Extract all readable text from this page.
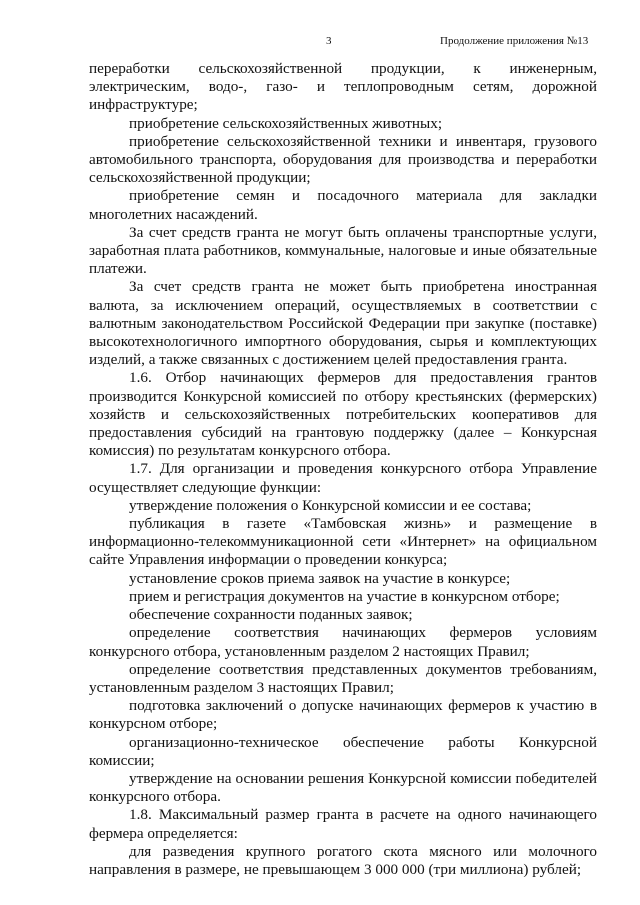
3	Продолжение приложения №13

переработки сельскохозяйственной продукции, к инженерным, электрическим, водо-, газо- и теплопроводным сетям, дорожной инфраструктуре;

приобретение сельскохозяйственных животных;

приобретение сельскохозяйственной техники и инвентаря, грузового автомобильного транспорта, оборудования для производства и переработки сельскохозяйственной продукции;

приобретение семян и посадочного материала для закладки многолетних насаждений.

За счет средств гранта не могут быть оплачены транспортные услуги, заработная плата работников, коммунальные, налоговые и иные обязательные платежи.

За счет средств гранта не может быть приобретена иностранная валюта, за исключением операций, осуществляемых в соответствии с валютным законодательством Российской Федерации при закупке (поставке) высокотехнологичного импортного оборудования, сырья и комплектующих изделий, а также связанных с достижением целей предоставления гранта.

1.6. Отбор начинающих фермеров для предоставления грантов производится Конкурсной комиссией по отбору крестьянских (фермерских) хозяйств и сельскохозяйственных потребительских кооперативов для предоставления субсидий на грантовую поддержку (далее – Конкурсная комиссия) по результатам конкурсного отбора.

1.7. Для организации и проведения конкурсного отбора Управление осуществляет следующие функции:

утверждение положения о Конкурсной комиссии и ее состава;

публикация в газете «Тамбовская жизнь» и размещение в информационно-телекоммуникационной сети «Интернет» на официальном сайте Управления информации о проведении конкурса;

установление сроков приема заявок на участие в конкурсе;

прием и регистрация документов на участие в конкурсном отборе;

обеспечение сохранности поданных заявок;

определение соответствия начинающих фермеров условиям конкурсного отбора, установленным разделом 2 настоящих Правил;

определение соответствия представленных документов требованиям, установленным разделом 3 настоящих Правил;

подготовка заключений о допуске начинающих фермеров к участию в конкурсном отборе;

организационно-техническое обеспечение работы Конкурсной комиссии;

утверждение на основании решения Конкурсной комиссии победителей конкурсного отбора.

1.8. Максимальный размер гранта в расчете на одного начинающего фермера определяется:

для разведения крупного рогатого скота мясного или молочного направления в размере, не превышающем 3 000 000 (три миллиона) рублей;
